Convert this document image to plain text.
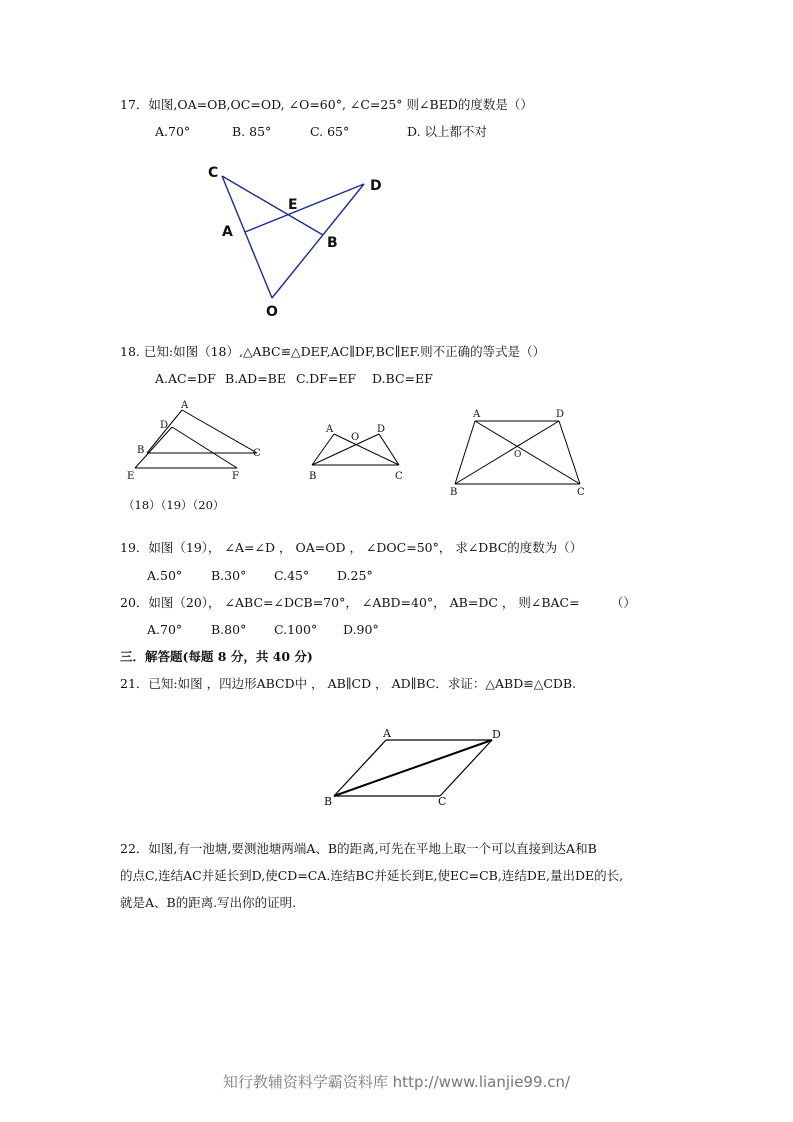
17．如图,OA=OB,OC=OD, ∠O=60°, ∠C=25° 则∠BED的度数是（）
A.70°	B. 85°	C. 65°	D. 以上都不对
C
D
E
A
B
O
18. 已知:如图（18）,△ABC≌△DEF,AC∥DF,BC∥EF.则不正确的等式是（）
A.AC=DF B.AD=BE C.DF=EF D.BC=EF
A
D
B	C
E	F
A
O
D
B	C
A	D
O
B	C
（18）（19）（20）
19．如图（19）， ∠A=∠D ， OA=OD ， ∠DOC=50°， 求∠DBC的度数为（）
A.50° B.30° C.45° D.25°
20．如图（20）， ∠ABC=∠DCB=70°， ∠ABD=40°， AB=DC ， 则∠BAC=　　　（）
A.70° B.80° C.100° D.90°
三．解答题(每题 8 分，共 40 分)
21．已知:如图 ，四边形ABCD中 ， AB∥CD ， AD∥BC．求证：△ABD≌△CDB.
A	D
B	C
22．如图,有一池塘,要测池塘两端A、B的距离,可先在平地上取一个可以直接到达A和B
的点C,连结AC并延长到D,使CD=CA.连结BC并延长到E,使EC=CB,连结DE,量出DE的长,
就是A、B的距离.写出你的证明.
知行教辅资料学霸资料库 http://www.lianjie99.cn/
